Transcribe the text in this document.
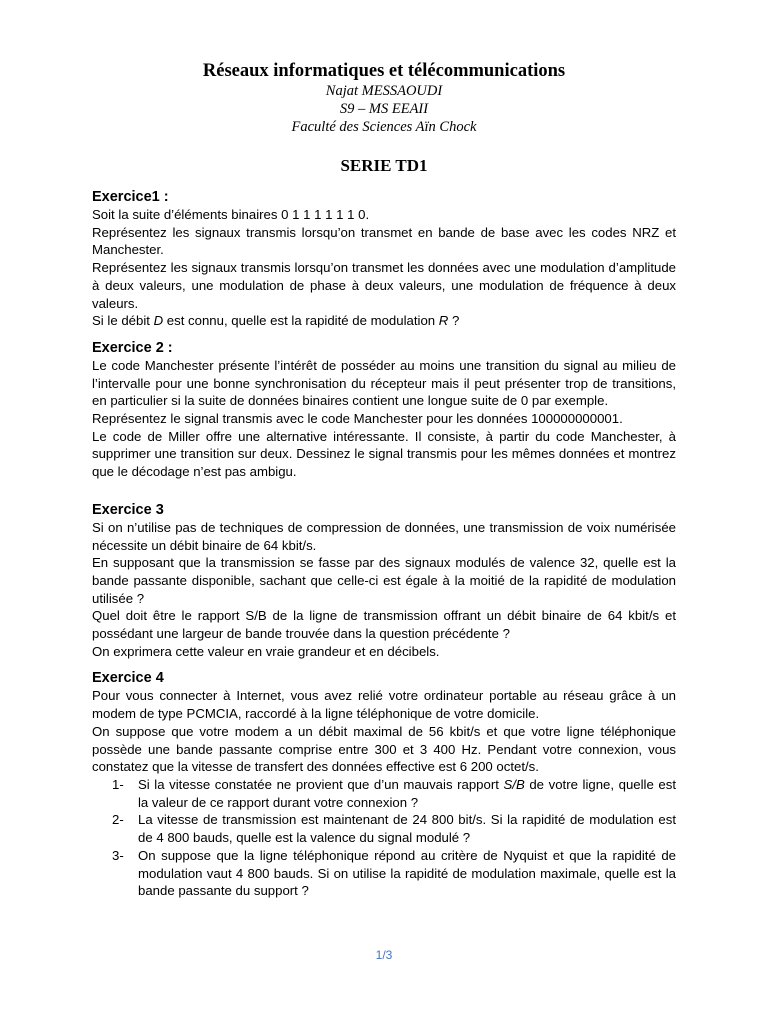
Réseaux informatiques et télécommunications

Najat MESSAOUDI

S9 – MS EEAII

Faculté des Sciences Aïn Chock

SERIE TD1

Exercice1 :

Soit la suite d’éléments binaires 0 1 1 1 1 1 1 0.

Représentez les signaux transmis lorsqu’on transmet en bande de base avec les codes NRZ et Manchester.

Représentez les signaux transmis lorsqu’on transmet les données avec une modulation d’amplitude à deux valeurs, une modulation de phase à deux valeurs, une modulation de fréquence à deux valeurs.

Si le débit D est connu, quelle est la rapidité de modulation R ?

Exercice 2 :

Le code Manchester présente l’intérêt de posséder au moins une transition du signal au milieu de l’intervalle pour une bonne synchronisation du récepteur mais il peut présenter trop de transitions, en particulier si la suite de données binaires contient une longue suite de 0 par exemple.

Représentez le signal transmis avec le code Manchester pour les données 100000000001.

Le code de Miller offre une alternative intéressante. Il consiste, à partir du code Manchester, à supprimer une transition sur deux. Dessinez le signal transmis pour les mêmes données et montrez que le décodage n’est pas ambigu.

Exercice 3

Si on n’utilise pas de techniques de compression de données, une transmission de voix numérisée nécessite un débit binaire de 64 kbit/s.

En supposant que la transmission se fasse par des signaux modulés de valence 32, quelle est la bande passante disponible, sachant que celle-ci est égale à la moitié de la rapidité de modulation utilisée ?

Quel doit être le rapport S/B de la ligne de transmission offrant un débit binaire de 64 kbit/s et possédant une largeur de bande trouvée dans la question précédente ?

On exprimera cette valeur en vraie grandeur et en décibels.

Exercice 4

Pour vous connecter à Internet, vous avez relié votre ordinateur portable au réseau grâce à un modem de type PCMCIA, raccordé à la ligne téléphonique de votre domicile.

On suppose que votre modem a un débit maximal de 56 kbit/s et que votre ligne téléphonique possède une bande passante comprise entre 300 et 3 400 Hz. Pendant votre connexion, vous constatez que la vitesse de transfert des données effective est 6 200 octet/s.

1- Si la vitesse constatée ne provient que d’un mauvais rapport S/B de votre ligne, quelle est la valeur de ce rapport durant votre connexion ?
2- La vitesse de transmission est maintenant de 24 800 bit/s. Si la rapidité de modulation est de 4 800 bauds, quelle est la valence du signal modulé ?
3- On suppose que la ligne téléphonique répond au critère de Nyquist et que la rapidité de modulation vaut 4 800 bauds. Si on utilise la rapidité de modulation maximale, quelle est la bande passante du support ?
1/3
